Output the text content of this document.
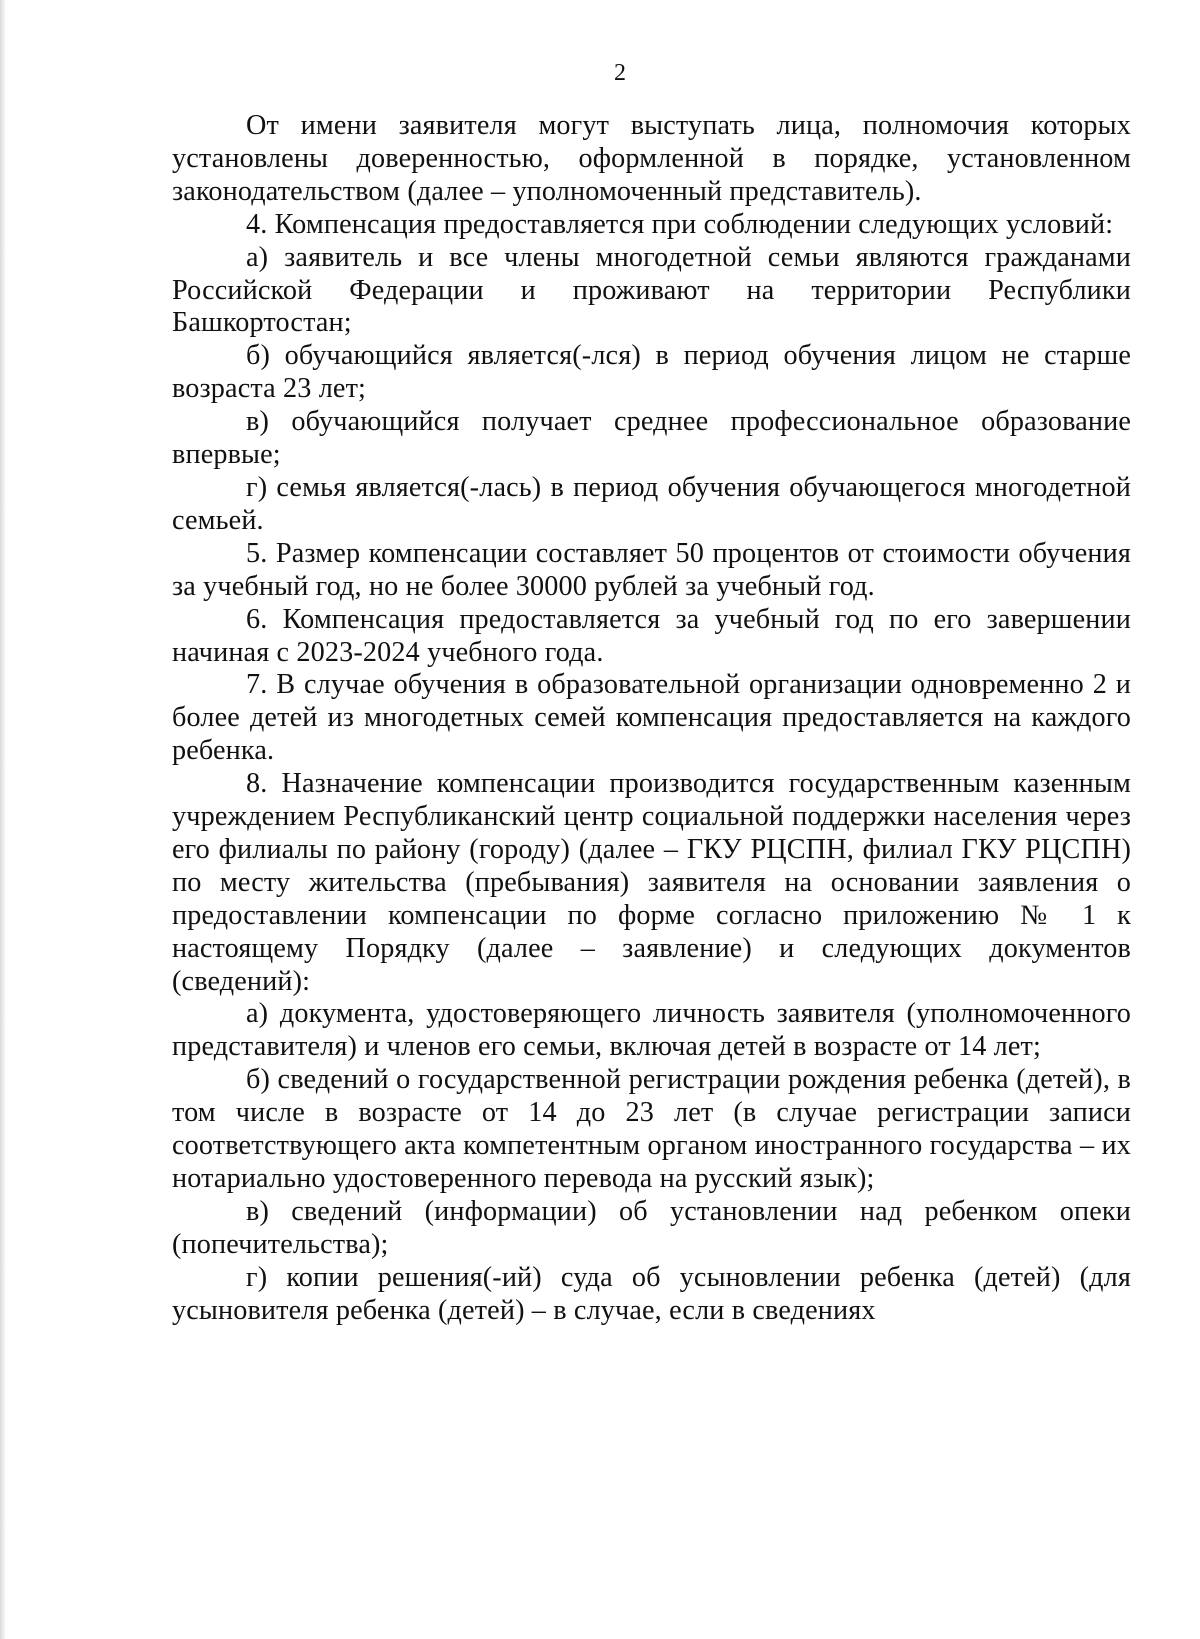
2

От имени заявителя могут выступать лица, полномочия которых установлены доверенностью, оформленной в порядке, установленном законодательством (далее – уполномоченный представитель).

4. Компенсация предоставляется при соблюдении следующих условий:

а) заявитель и все члены многодетной семьи являются гражданами Российской Федерации и проживают на территории Республики Башкортостан;

б) обучающийся является(-лся) в период обучения лицом не старше возраста 23 лет;

в) обучающийся получает среднее профессиональное образование впервые;

г) семья является(-лась) в период обучения обучающегося многодетной семьей.

5. Размер компенсации составляет 50 процентов от стоимости обучения за учебный год, но не более 30000 рублей за учебный год.

6. Компенсация предоставляется за учебный год по его завершении начиная с 2023-2024 учебного года.

7. В случае обучения в образовательной организации одновременно 2 и более детей из многодетных семей компенсация предоставляется на каждого ребенка.

8. Назначение компенсации производится государственным казенным учреждением Республиканский центр социальной поддержки населения через его филиалы по району (городу) (далее – ГКУ РЦСПН, филиал ГКУ РЦСПН) по месту жительства (пребывания) заявителя на основании заявления о предоставлении компенсации по форме согласно приложению № 1 к настоящему Порядку (далее – заявление) и следующих документов (сведений):

а) документа, удостоверяющего личность заявителя (уполномоченного представителя) и членов его семьи, включая детей в возрасте от 14 лет;

б) сведений о государственной регистрации рождения ребенка (детей), в том числе в возрасте от 14 до 23 лет (в случае регистрации записи соответствующего акта компетентным органом иностранного государства – их нотариально удостоверенного перевода на русский язык);

в) сведений (информации) об установлении над ребенком опеки (попечительства);

г) копии решения(-ий) суда об усыновлении ребенка (детей) (для усыновителя ребенка (детей) – в случае, если в сведениях
